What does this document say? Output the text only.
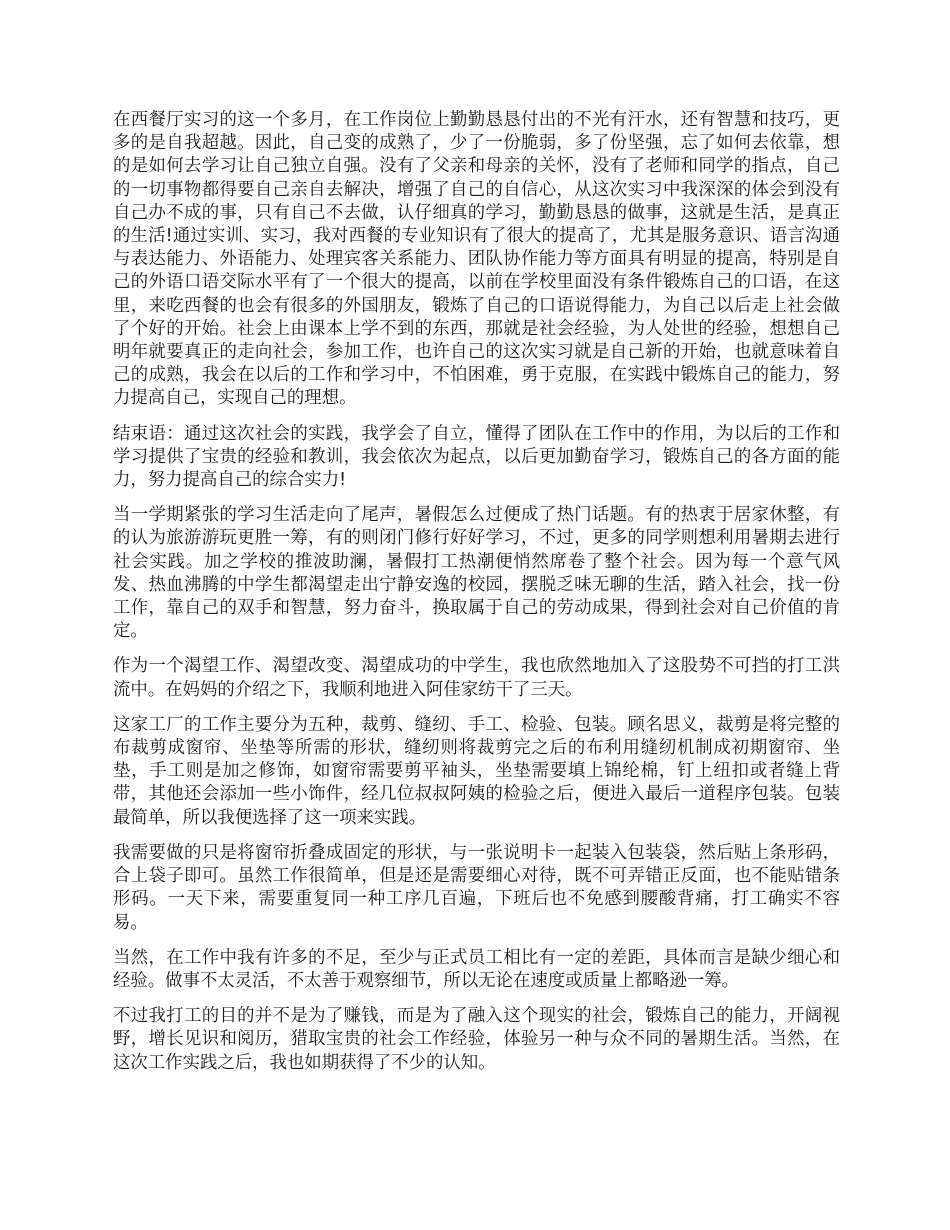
在西餐厅实习的这一个多月，在工作岗位上勤勤恳恳付出的不光有汗水，还有智慧和技巧，更多的是自我超越。因此，自己变的成熟了，少了一份脆弱，多了份坚强，忘了如何去依靠，想的是如何去学习让自己独立自强。没有了父亲和母亲的关怀，没有了老师和同学的指点，自己的一切事物都得要自己亲自去解决，增强了自己的自信心，从这次实习中我深深的体会到没有自己办不成的事，只有自己不去做，认仔细真的学习，勤勤恳恳的做事，这就是生活，是真正的生活!通过实训、实习，我对西餐的专业知识有了很大的提高了，尤其是服务意识、语言沟通与表达能力、外语能力、处理宾客关系能力、团队协作能力等方面具有明显的提高，特别是自己的外语口语交际水平有了一个很大的提高，以前在学校里面没有条件锻炼自己的口语，在这里，来吃西餐的也会有很多的外国朋友，锻炼了自己的口语说得能力，为自己以后走上社会做了个好的开始。社会上由课本上学不到的东西，那就是社会经验，为人处世的经验，想想自己明年就要真正的走向社会，参加工作，也许自己的这次实习就是自己新的开始，也就意味着自己的成熟，我会在以后的工作和学习中，不怕困难，勇于克服，在实践中锻炼自己的能力，努力提高自己，实现自己的理想。

结束语：通过这次社会的实践，我学会了自立，懂得了团队在工作中的作用，为以后的工作和学习提供了宝贵的经验和教训，我会依次为起点，以后更加勤奋学习，锻炼自己的各方面的能力，努力提高自己的综合实力!

当一学期紧张的学习生活走向了尾声，暑假怎么过便成了热门话题。有的热衷于居家休整，有的认为旅游游玩更胜一筹，有的则闭门修行好好学习，不过，更多的同学则想利用暑期去进行社会实践。加之学校的推波助澜，暑假打工热潮便悄然席卷了整个社会。因为每一个意气风发、热血沸腾的中学生都渴望走出宁静安逸的校园，摆脱乏味无聊的生活，踏入社会，找一份工作，靠自己的双手和智慧，努力奋斗，换取属于自己的劳动成果，得到社会对自己价值的肯定。

作为一个渴望工作、渴望改变、渴望成功的中学生，我也欣然地加入了这股势不可挡的打工洪流中。在妈妈的介绍之下，我顺利地进入阿佳家纺干了三天。

这家工厂的工作主要分为五种，裁剪、缝纫、手工、检验、包装。顾名思义，裁剪是将完整的布裁剪成窗帘、坐垫等所需的形状，缝纫则将裁剪完之后的布利用缝纫机制成初期窗帘、坐垫，手工则是加之修饰，如窗帘需要剪平袖头，坐垫需要填上锦纶棉，钉上纽扣或者缝上背带，其他还会添加一些小饰件，经几位叔叔阿姨的检验之后，便进入最后一道程序包装。包装最简单，所以我便选择了这一项来实践。

我需要做的只是将窗帘折叠成固定的形状，与一张说明卡一起装入包装袋，然后贴上条形码，合上袋子即可。虽然工作很简单，但是还是需要细心对待，既不可弄错正反面，也不能贴错条形码。一天下来，需要重复同一种工序几百遍，下班后也不免感到腰酸背痛，打工确实不容易。

当然，在工作中我有许多的不足，至少与正式员工相比有一定的差距，具体而言是缺少细心和经验。做事不太灵活，不太善于观察细节，所以无论在速度或质量上都略逊一筹。

不过我打工的目的并不是为了赚钱，而是为了融入这个现实的社会，锻炼自己的能力，开阔视野，增长见识和阅历，猎取宝贵的社会工作经验，体验另一种与众不同的暑期生活。当然，在这次工作实践之后，我也如期获得了不少的认知。
